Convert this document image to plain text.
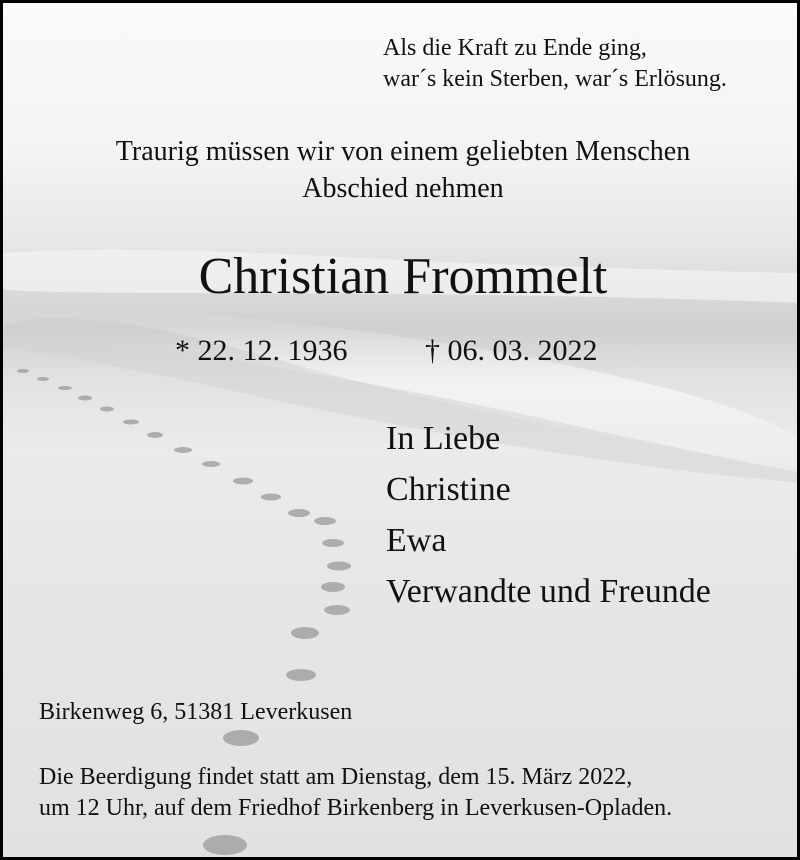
Als die Kraft zu Ende ging,
war´s kein Sterben, war´s Erlösung.
Traurig müssen wir von einem geliebten Menschen
Abschied nehmen
Christian Frommelt
* 22. 12. 1936	† 06. 03. 2022
In Liebe
Christine
Ewa
Verwandte und Freunde
Birkenweg 6, 51381 Leverkusen
Die Beerdigung findet statt am Dienstag, dem 15. März 2022,
um 12 Uhr, auf dem Friedhof Birkenberg in Leverkusen-Opladen.
